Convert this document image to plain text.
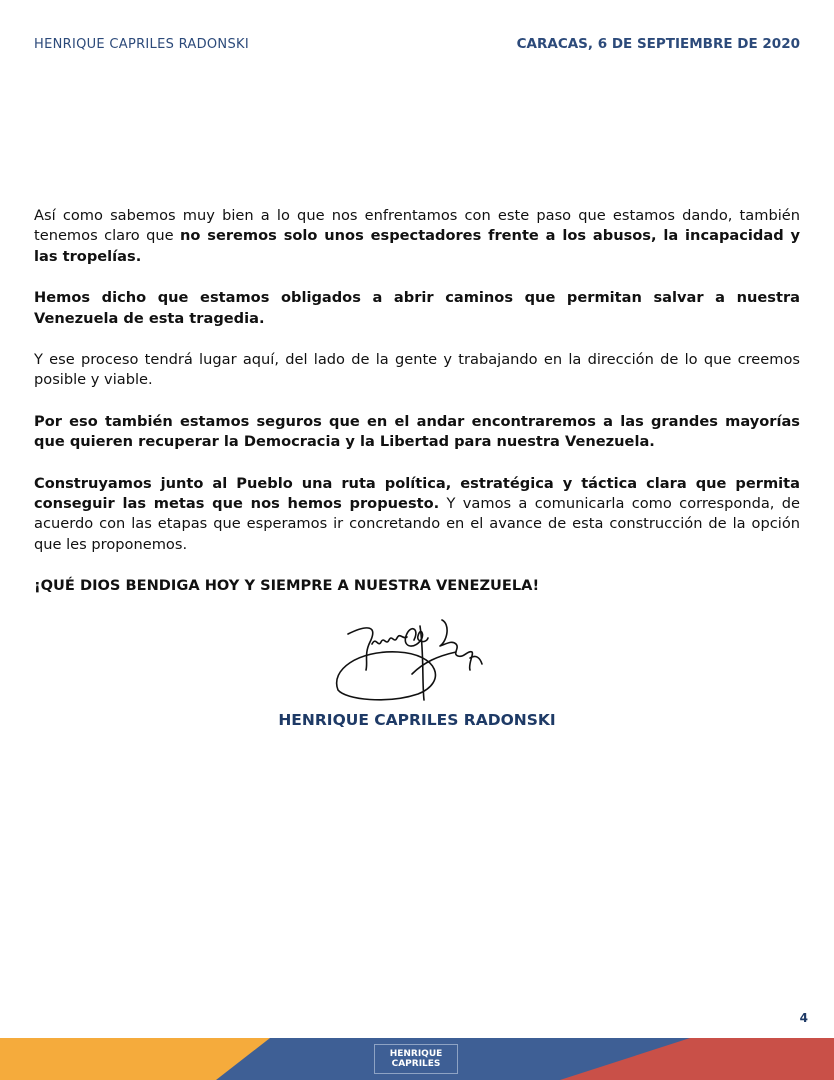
HENRIQUE CAPRILES RADONSKI	CARACAS, 6 DE SEPTIEMBRE DE 2020

Así como sabemos muy bien a lo que nos enfrentamos con este paso que estamos dando, también tenemos claro que no seremos solo unos espectadores frente a los abusos, la incapacidad y las tropelías.

Hemos dicho que estamos obligados a abrir caminos que permitan salvar a nuestra Venezuela de esta tragedia.

Y ese proceso tendrá lugar aquí, del lado de la gente y trabajando en la dirección de lo que creemos posible y viable.

Por eso también estamos seguros que en el andar encontraremos a las grandes mayorías que quieren recuperar la Democracia y la Libertad para nuestra Venezuela.

Construyamos junto al Pueblo una ruta política, estratégica y táctica clara que permita conseguir las metas que nos hemos propuesto. Y vamos a comunicarla como corresponda, de acuerdo con las etapas que esperamos ir concretando en el avance de esta construcción de la opción que les proponemos.

¡QUÉ DIOS BENDIGA HOY Y SIEMPRE A NUESTRA VENEZUELA!

HENRIQUE CAPRILES RADONSKI
4
HENRIQUE
CAPRILES
